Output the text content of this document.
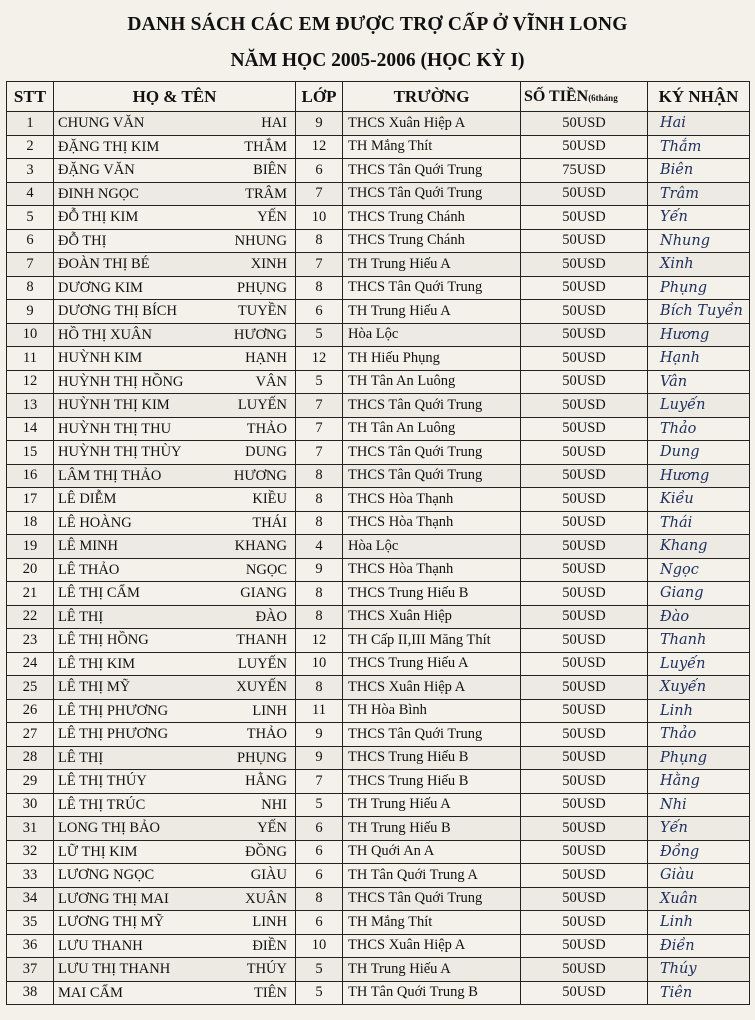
DANH SÁCH CÁC EM ĐƯỢC TRỢ CẤP Ở VĨNH LONG
NĂM HỌC 2005-2006 (HỌC KỲ I)
STT	HỌ & TÊN	LỚP	TRƯỜNG	SỐ TIỀN(6tháng	KÝ NHẬN
1	CHUNG VĂN HAI	9	THCS Xuân Hiệp A	50USD	Hai
2	ĐẶNG THỊ KIM THẮM	12	TH Mắng Thít	50USD	Thắm
3	ĐẶNG VĂN BIÊN	6	THCS Tân Quới Trung	75USD	Biên
4	ĐINH NGỌC TRÂM	7	THCS Tân Quới Trung	50USD	Trâm
5	ĐỖ THỊ KIM YẾN	10	THCS Trung Chánh	50USD	Yến
6	ĐỖ THỊ NHUNG	8	THCS Trung Chánh	50USD	Nhung
7	ĐOÀN THỊ BÉ XINH	7	TH Trung Hiếu A	50USD	Xinh
8	DƯƠNG KIM PHỤNG	8	THCS Tân Quới Trung	50USD	Phụng
9	DƯƠNG THỊ BÍCH TUYỀN	6	TH Trung Hiếu A	50USD	Bích Tuyền
10	HỒ THỊ XUÂN HƯƠNG	5	Hòa Lộc	50USD	Hương
11	HUỲNH KIM HẠNH	12	TH Hiếu Phụng	50USD	Hạnh
12	HUỲNH THỊ HỒNG VÂN	5	TH Tân An Luông	50USD	Vân
13	HUỲNH THỊ KIM LUYẾN	7	THCS Tân Quới Trung	50USD	Luyến
14	HUỲNH THỊ THU THẢO	7	TH Tân An Luông	50USD	Thảo
15	HUỲNH THỊ THÙY DUNG	7	THCS Tân Quới Trung	50USD	Dung
16	LÂM THỊ THẢO HƯƠNG	8	THCS Tân Quới Trung	50USD	Hương
17	LÊ DIỄM KIỀU	8	THCS Hòa Thạnh	50USD	Kiều
18	LÊ HOÀNG THÁI	8	THCS Hòa Thạnh	50USD	Thái
19	LÊ MINH KHANG	4	Hòa Lộc	50USD	Khang
20	LÊ THẢO NGỌC	9	THCS Hòa Thạnh	50USD	Ngọc
21	LÊ THỊ CẨM GIANG	8	THCS Trung Hiếu B	50USD	Giang
22	LÊ THỊ ĐÀO	8	THCS Xuân Hiệp	50USD	Đào
23	LÊ THỊ HỒNG THANH	12	TH Cấp II,III Măng Thít	50USD	Thanh
24	LÊ THỊ KIM LUYẾN	10	THCS Trung Hiếu A	50USD	Luyến
25	LÊ THỊ MỸ XUYẾN	8	THCS Xuân Hiệp A	50USD	Xuyến
26	LÊ THỊ PHƯƠNG LINH	11	TH Hòa Bình	50USD	Linh
27	LÊ THỊ PHƯƠNG THẢO	9	THCS Tân Quới Trung	50USD	Thảo
28	LÊ THỊ PHỤNG	9	THCS Trung Hiếu B	50USD	Phụng
29	LÊ THỊ THÚY HẰNG	7	THCS Trung Hiếu B	50USD	Hằng
30	LÊ THỊ TRÚC NHI	5	TH Trung Hiếu A	50USD	Nhi
31	LONG THỊ BẢO YẾN	6	TH Trung Hiếu B	50USD	Yến
32	LỮ THỊ KIM ĐỒNG	6	TH Quới An A	50USD	Đồng
33	LƯƠNG NGỌC GIÀU	6	TH Tân Quới Trung A	50USD	Giàu
34	LƯƠNG THỊ MAI XUÂN	8	THCS Tân Quới Trung	50USD	Xuân
35	LƯƠNG THỊ MỸ LINH	6	TH Mắng Thít	50USD	Linh
36	LƯU THANH ĐIỀN	10	THCS Xuân Hiệp A	50USD	Điền
37	LƯU THỊ THANH THÚY	5	TH Trung Hiếu A	50USD	Thúy
38	MAI CẨM TIÊN	5	TH Tân Quới Trung B	50USD	Tiên
